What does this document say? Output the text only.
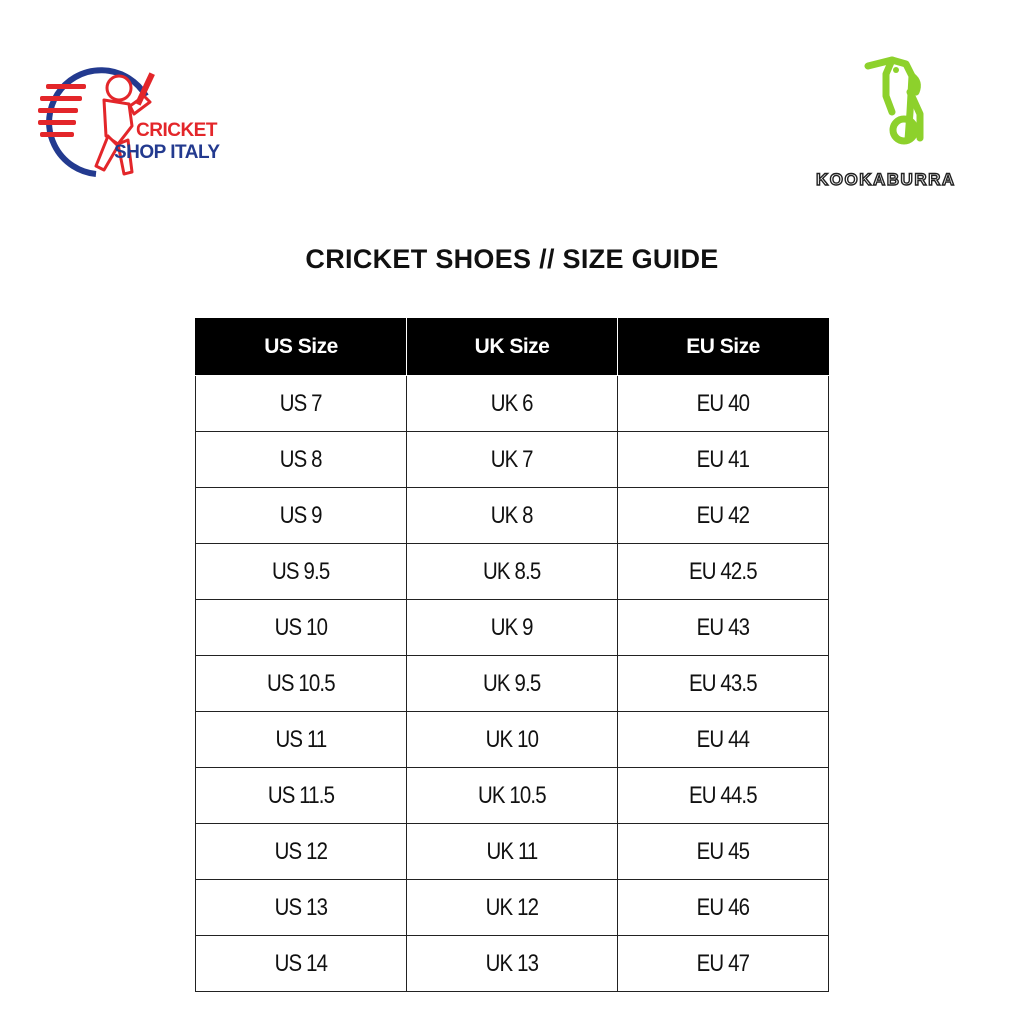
CRICKET
SHOP ITALY
KOOKABURRA
CRICKET SHOES // SIZE GUIDE
US Size	UK Size	EU Size
US 7	UK 6	EU 40
US 8	UK 7	EU 41
US 9	UK 8	EU 42
US 9.5	UK 8.5	EU 42.5
US 10	UK 9	EU 43
US 10.5	UK 9.5	EU 43.5
US 11	UK 10	EU 44
US 11.5	UK 10.5	EU 44.5
US 12	UK 11	EU 45
US 13	UK 12	EU 46
US 14	UK 13	EU 47
